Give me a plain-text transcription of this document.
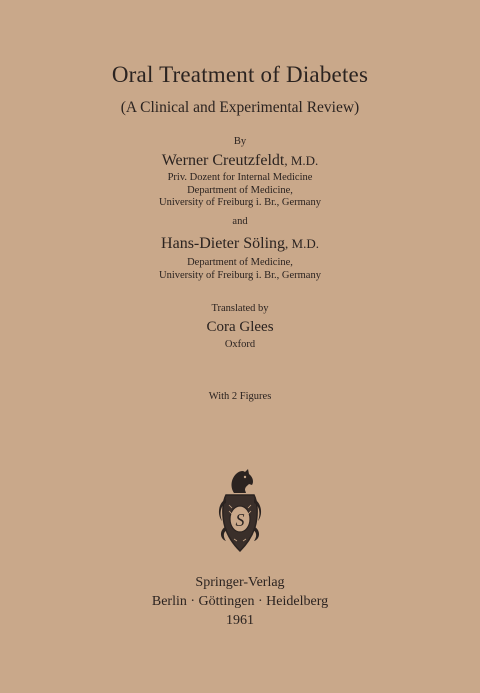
Oral Treatment of Diabetes
(A Clinical and Experimental Review)
By
Werner Creutzfeldt, M.D.
Priv. Dozent for Internal Medicine
Department of Medicine,
University of Freiburg i. Br., Germany
and
Hans-Dieter Söling, M.D.
Department of Medicine,
University of Freiburg i. Br., Germany
Translated by
Cora Glees
Oxford
With 2 Figures
S
Springer-Verlag
Berlin · Göttingen · Heidelberg
1961
